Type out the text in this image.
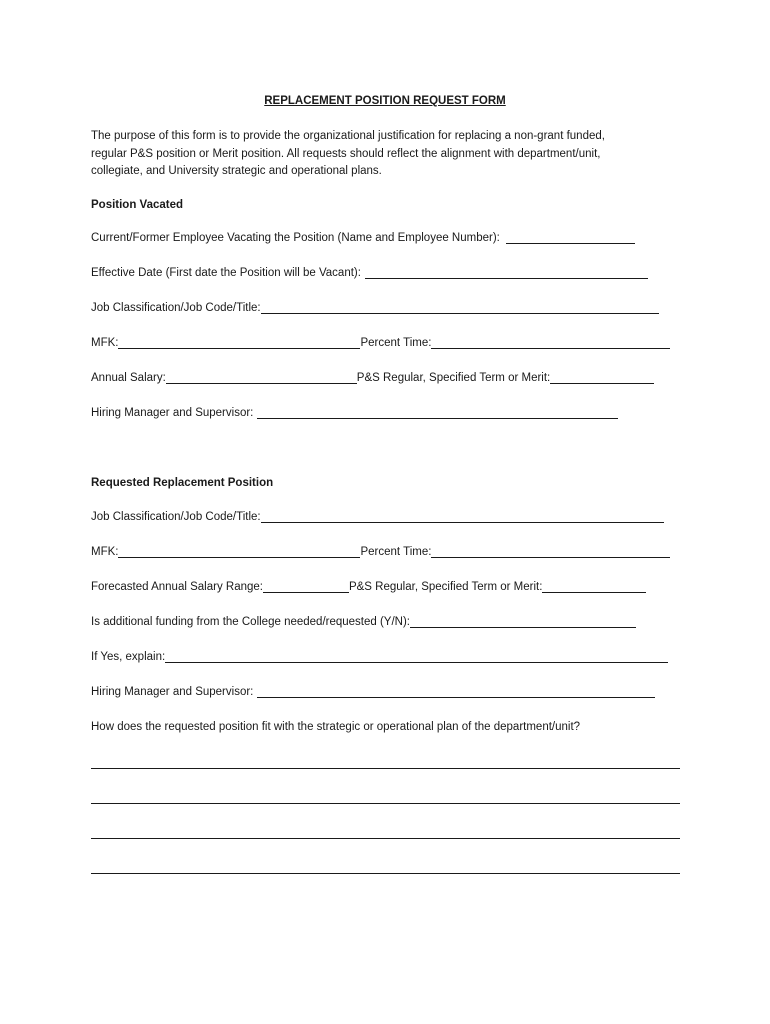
REPLACEMENT POSITION REQUEST FORM
The purpose of this form is to provide the organizational justification for replacing a non-grant funded,
regular P&S position or Merit position. All requests should reflect the alignment with department/unit,
collegiate, and University strategic and operational plans.
Position Vacated
Current/Former Employee Vacating the Position (Name and Employee Number):
Effective Date (First date the Position will be Vacant):
Job Classification/Job Code/Title:
MFK:	Percent Time:
Annual Salary:	P&S Regular, Specified Term or Merit:
Hiring Manager and Supervisor:
Requested Replacement Position
Job Classification/Job Code/Title:
MFK:	Percent Time:
Forecasted Annual Salary Range:	P&S Regular, Specified Term or Merit:
Is additional funding from the College needed/requested (Y/N):
If Yes, explain:
Hiring Manager and Supervisor:
How does the requested position fit with the strategic or operational plan of the department/unit?
